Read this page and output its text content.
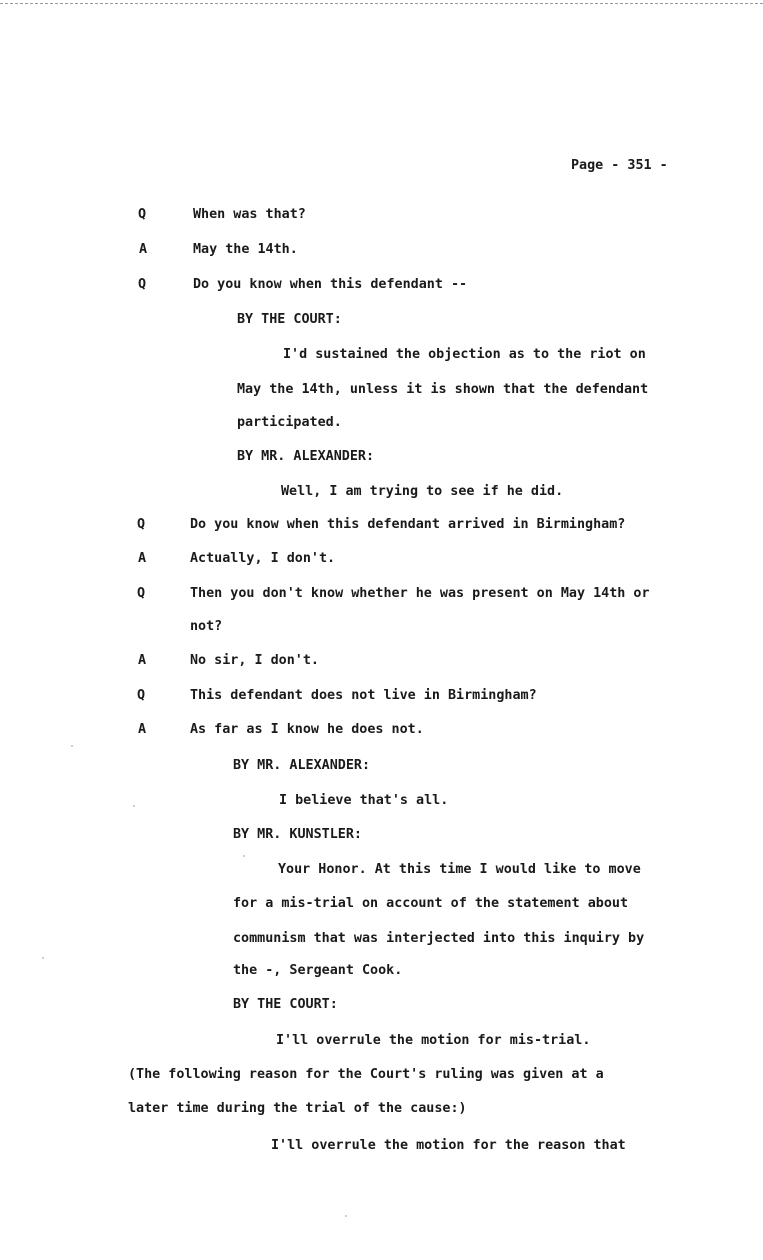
Page - 351 -
Q	When was that?
A	May the 14th.
Q	Do you know when this defendant --
BY THE COURT:
I'd sustained the objection as to the riot on
May the 14th, unless it is shown that the defendant
participated.
BY MR. ALEXANDER:
Well, I am trying to see if he did.
Q	Do you know when this defendant arrived in Birmingham?
A	Actually, I don't.
Q	Then you don't know whether he was present on May 14th or
not?
A	No sir, I don't.
Q	This defendant does not live in Birmingham?
A	As far as I know he does not.
BY MR. ALEXANDER:
I believe that's all.
BY MR. KUNSTLER:
Your Honor. At this time I would like to move
for a mis-trial on account of the statement about
communism that was interjected into this inquiry by
the -, Sergeant Cook.
BY THE COURT:
I'll overrule the motion for mis-trial.
(The following reason for the Court's ruling was given at a
later time during the trial of the cause:)
I'll overrule the motion for the reason that
